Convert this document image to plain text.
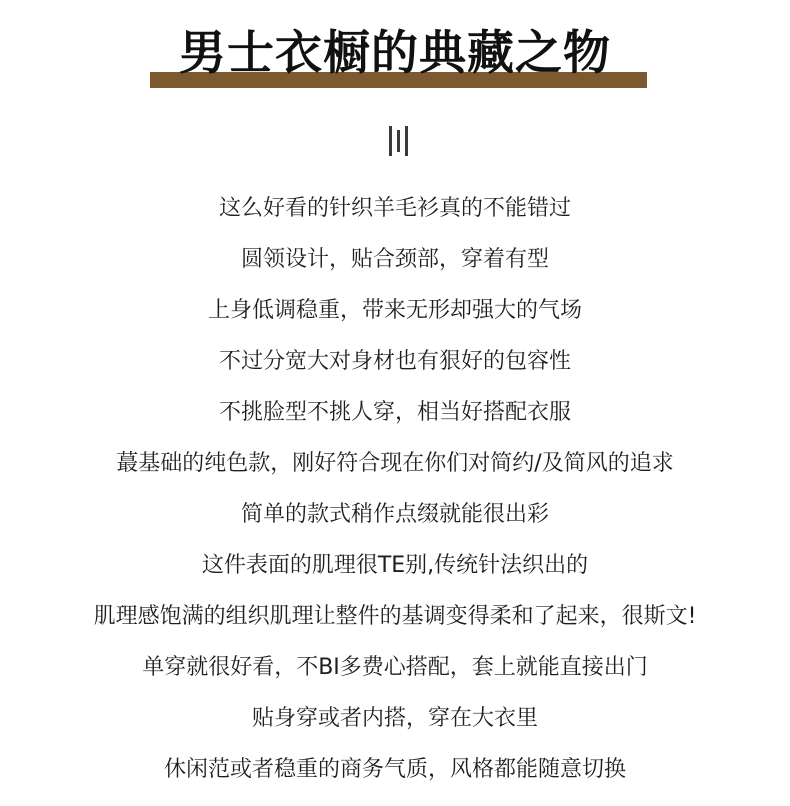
男士衣橱的典藏之物
这么好看的针织羊毛衫真的不能错过
圆领设计，贴合颈部，穿着有型
上身低调稳重，带来无形却强大的气场
不过分宽大对身材也有狠好的包容性
不挑脸型不挑人穿，相当好搭配衣服
蕞基础的纯色款，刚好符合现在你们对简约/及简风的追求
简单的款式稍作点缀就能很出彩
这件表面的肌理很TE别,传统针法织出的
肌理感饱满的组织肌理让整件的基调变得柔和了起来，很斯文!
单穿就很好看，不BI多费心搭配，套上就能直接出门
贴身穿或者内搭，穿在大衣里
休闲范或者稳重的商务气质，风格都能随意切换
